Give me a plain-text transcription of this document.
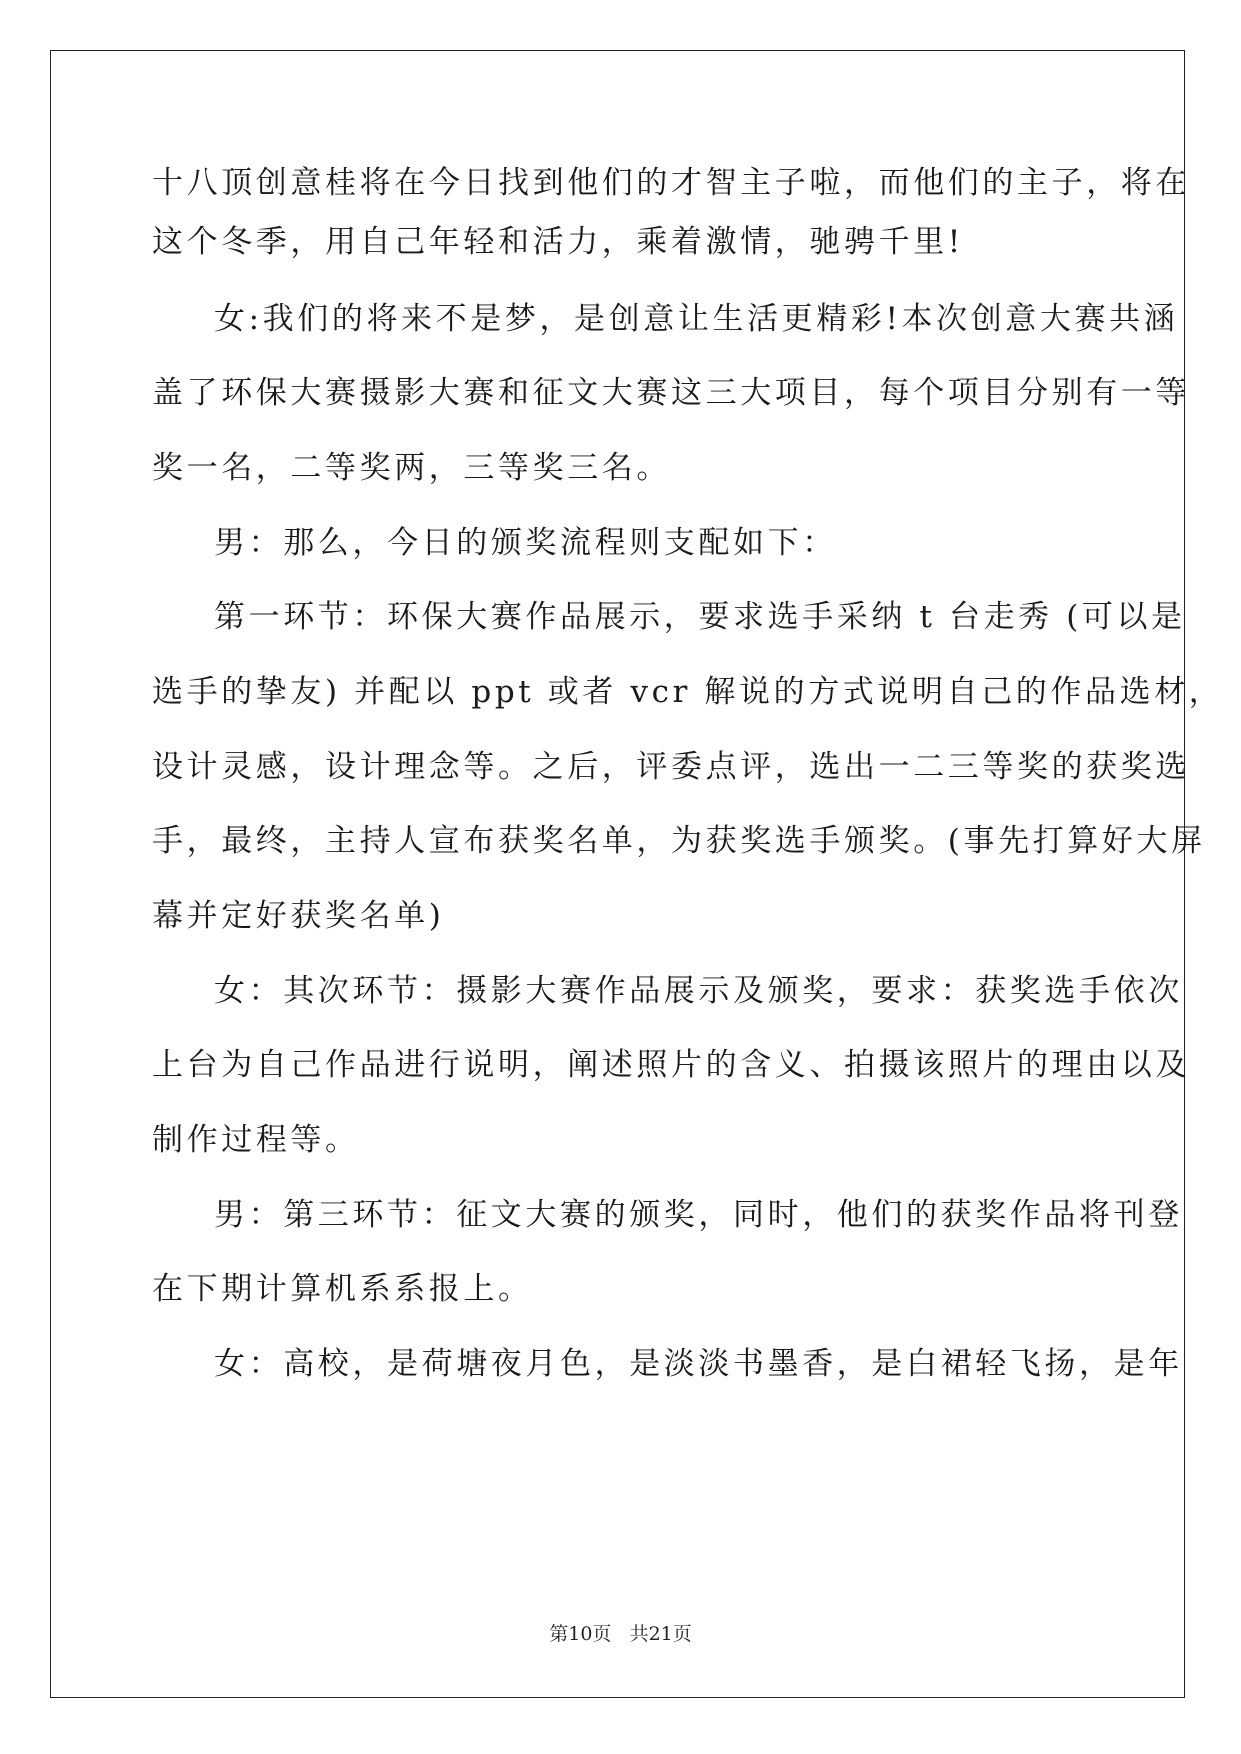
十八顶创意桂将在今日找到他们的才智主子啦，而他们的主子，将在
这个冬季，用自己年轻和活力，乘着激情，驰骋千里!
女:我们的将来不是梦，是创意让生活更精彩!本次创意大赛共涵
盖了环保大赛摄影大赛和征文大赛这三大项目，每个项目分别有一等
奖一名，二等奖两，三等奖三名。
男：那么，今日的颁奖流程则支配如下：
第一环节：环保大赛作品展示，要求选手采纳 t 台走秀 (可以是
选手的挚友) 并配以 ppt 或者 vcr 解说的方式说明自己的作品选材，
设计灵感，设计理念等。之后，评委点评，选出一二三等奖的获奖选
手，最终，主持人宣布获奖名单，为获奖选手颁奖。(事先打算好大屏
幕并定好获奖名单)
女：其次环节：摄影大赛作品展示及颁奖，要求：获奖选手依次
上台为自己作品进行说明，阐述照片的含义、拍摄该照片的理由以及
制作过程等。
男：第三环节：征文大赛的颁奖，同时，他们的获奖作品将刊登
在下期计算机系系报上。
女：高校，是荷塘夜月色，是淡淡书墨香，是白裙轻飞扬，是年
第10页 共21页
